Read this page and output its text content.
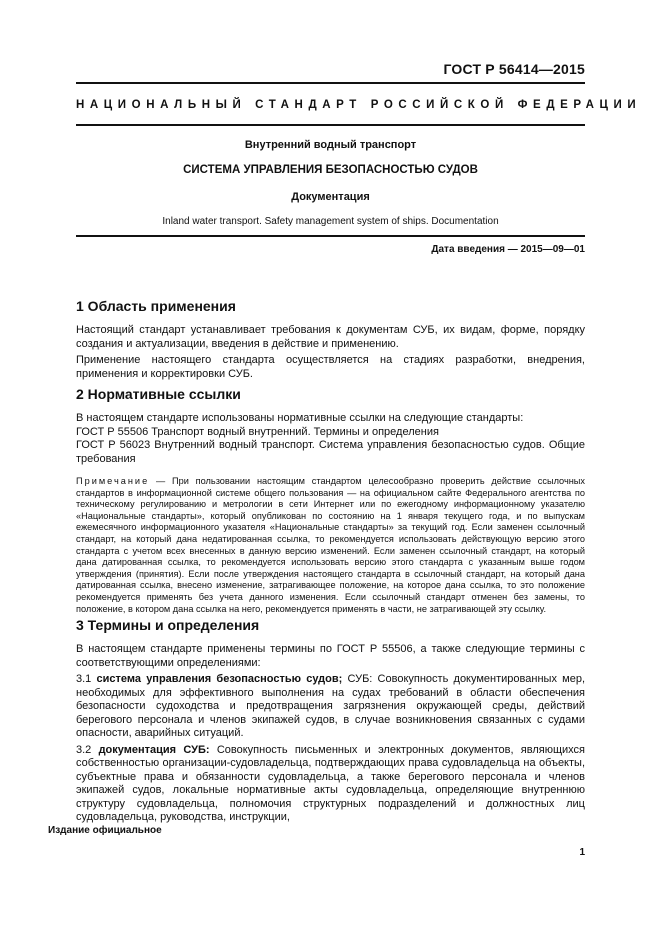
ГОСТ Р 56414—2015
НАЦИОНАЛЬНЫЙ СТАНДАРТ РОССИЙСКОЙ ФЕДЕРАЦИИ
Внутренний водный транспорт
СИСТЕМА УПРАВЛЕНИЯ БЕЗОПАСНОСТЬЮ СУДОВ
Документация
Inland water transport. Safety management system of ships. Documentation
Дата введения — 2015—09—01
1 Область применения

Настоящий стандарт устанавливает требования к документам СУБ, их видам, форме, порядку создания и актуализации, введения в действие и применению.

Применение настоящего стандарта осуществляется на стадиях разработки, внедрения, применения и корректировки СУБ.

2 Нормативные ссылки

В настоящем стандарте использованы нормативные ссылки на следующие стандарты:

ГОСТ Р 55506 Транспорт водный внутренний. Термины и определения

ГОСТ Р 56023 Внутренний водный транспорт. Система управления безопасностью судов. Общие требования

Примечание — При пользовании настоящим стандартом целесообразно проверить действие ссылочных стандартов в информационной системе общего пользования — на официальном сайте Федерального агентства по техническому регулированию и метрологии в сети Интернет или по ежегодному информационному указателю «Национальные стандарты», который опубликован по состоянию на 1 января текущего года, и по выпускам ежемесячного информационного указателя «Национальные стандарты» за текущий год. Если заменен ссылочный стандарт, на который дана недатированная ссылка, то рекомендуется использовать действующую версию этого стандарта с учетом всех внесенных в данную версию изменений. Если заменен ссылочный стандарт, на который дана датированная ссылка, то рекомендуется использовать версию этого стандарта с указанным выше годом утверждения (принятия). Если после утверждения настоящего стандарта в ссылочный стандарт, на который дана датированная ссылка, внесено изменение, затрагивающее положение, на которое дана ссылка, то это положение рекомендуется применять без учета данного изменения. Если ссылочный стандарт отменен без замены, то положение, в котором дана ссылка на него, рекомендуется применять в части, не затрагивающей эту ссылку.

3 Термины и определения

В настоящем стандарте применены термины по ГОСТ Р 55506, а также следующие термины с соответствующими определениями:

3.1 система управления безопасностью судов; СУБ: Совокупность документированных мер, необходимых для эффективного выполнения на судах требований в области обеспечения безопасности судоходства и предотвращения загрязнения окружающей среды, действий берегового персонала и членов экипажей судов, в случае возникновения связанных с судами опасности, аварийных ситуаций.

3.2 документация СУБ: Совокупность письменных и электронных документов, являющихся собственностью организации-судовладельца, подтверждающих права судовладельца на объекты, субъектные права и обязанности судовладельца, а также берегового персонала и членов экипажей судов, локальные нормативные акты судовладельца, определяющие внутреннюю структуру судовладельца, полномочия структурных подразделений и должностных лиц судовладельца, руководства, инструкции,

Издание официальное
1
